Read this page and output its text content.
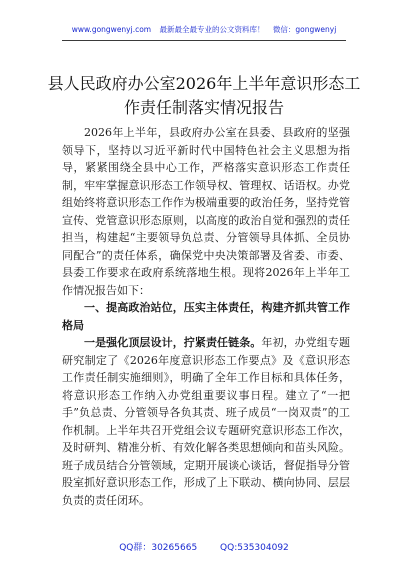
www.gongwenyj.com 最新最全最专业的公文资料库！ 微信：gongwenyj
县人民政府办公室2026年上半年意识形态工
作责任制落实情况报告

2026年上半年，县政府办公室在县委、县政府的坚强领导下，坚持以习近平新时代中国特色社会主义思想为指导，紧紧围绕全县中心工作，严格落实意识形态工作责任制，牢牢掌握意识形态工作领导权、管理权、话语权。办党组始终将意识形态工作作为极端重要的政治任务，坚持党管宣传、党管意识形态原则，以高度的政治自觉和强烈的责任担当，构建起“主要领导负总责、分管领导具体抓、全员协同配合”的责任体系，确保党中央决策部署及省委、市委、县委工作要求在政府系统落地生根。现将2026年上半年工作情况报告如下：

一、提高政治站位，压实主体责任，构建齐抓共管工作格局

一是强化顶层设计，拧紧责任链条。年初，办党组专题研究制定了《2026年度意识形态工作要点》及《意识形态工作责任制实施细则》，明确了全年工作目标和具体任务，将意识形态工作纳入办党组重要议事日程。建立了“一把手”负总责、分管领导各负其责、班子成员“一岗双责”的工作机制。上半年共召开党组会议专题研究意识形态工作次，及时研判、精准分析、有效化解各类思想倾向和苗头风险。班子成员结合分管领域，定期开展谈心谈话，督促指导分管股室抓好意识形态工作，形成了上下联动、横向协同、层层负责的责任闭环。

QQ群：30265665	QQ:535304092
